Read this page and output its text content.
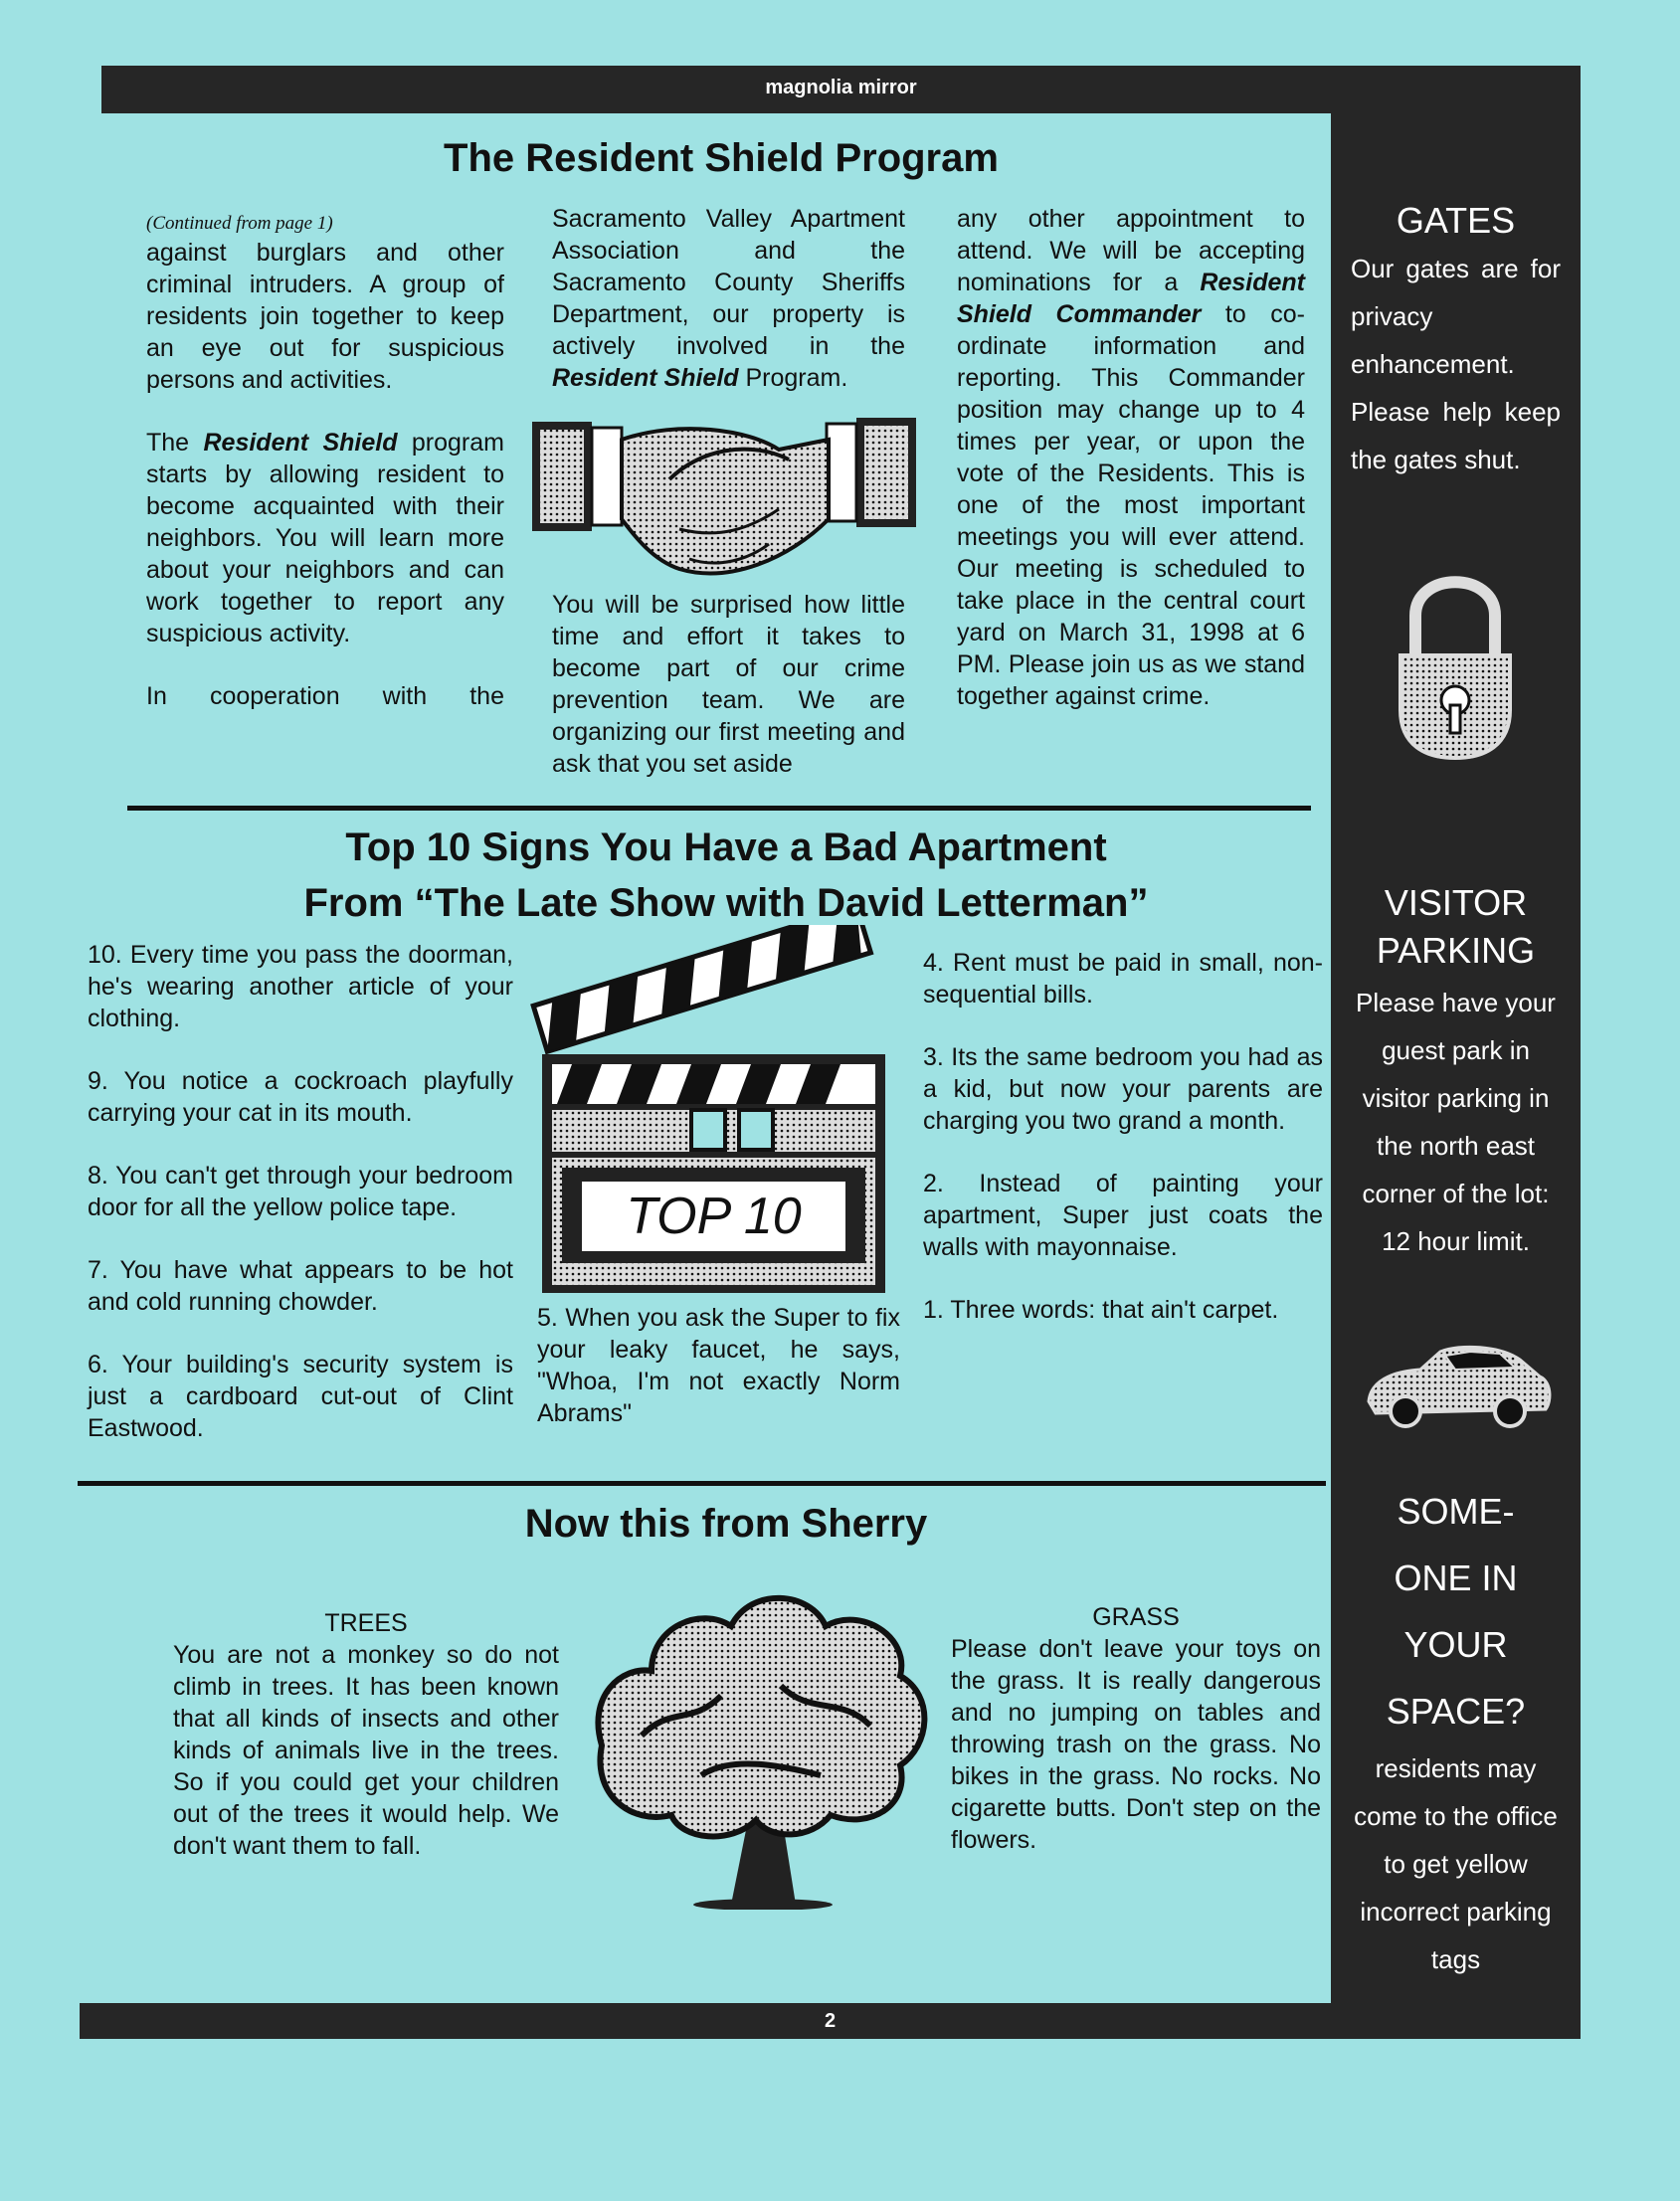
magnolia mirror
The Resident Shield Program
(Continued from page 1)

against burglars and other criminal intruders. A group of residents join together to keep an eye out for suspicious persons and activities.

The Resident Shield program starts by allowing resident to become acquainted with their neighbors. You will learn more about your neighbors and can work together to report any suspicious activity.

In cooperation with the

Sacramento Valley Apartment Association and the Sacramento County Sheriffs Department, our property is actively involved in the Resident Shield Program.

You will be surprised how little time and effort it takes to become part of our crime prevention team. We are organizing our first meeting and ask that you set aside

any other appointment to attend. We will be accepting nominations for a Resident Shield Commander to co-ordinate information and reporting. This Commander position may change up to 4 times per year, or upon the vote of the Residents. This is one of the most important meetings you will ever attend. Our meeting is scheduled to take place in the central court yard on March 31, 1998 at 6 PM. Please join us as we stand together against crime.

Top 10 Signs You Have a Bad Apartment
From “The Late Show with David Letterman”

10. Every time you pass the doorman, he's wearing another article of your clothing.

9. You notice a cockroach playfully carrying your cat in its mouth.

8. You can't get through your bedroom door for all the yellow police tape.

7. You have what appears to be hot and cold running chowder.

6. Your building's security system is just a cardboard cut-out of Clint Eastwood.

TOP 10

5. When you ask the Super to fix your leaky faucet, he says, "Whoa, I'm not exactly Norm Abrams"

4. Rent must be paid in small, non-sequential bills.

3. Its the same bedroom you had as a kid, but now your parents are charging you two grand a month.

2. Instead of painting your apartment, Super just coats the walls with mayonnaise.

1. Three words: that ain't carpet.

Now this from Sherry
TREES
You are not a monkey so do not climb in trees. It has been known that all kinds of insects and other kinds of animals live in the trees. So if you could get your children out of the trees it would help. We don't want them to fall.
GRASS
Please don't leave your toys on the grass. It is really dangerous and no jumping on tables and throwing trash on the grass. No bikes in the grass. No rocks. No cigarette butts. Don't step on the flowers.

GATES

Our gates are for privacy enhancement. Please help keep the gates shut.

VISITOR

PARKING

Please have your guest park in visitor parking in the north east corner of the lot: 12 hour limit.

SOME-

ONE IN

YOUR

SPACE?

residents may come to the office to get yellow incorrect parking tags

2
